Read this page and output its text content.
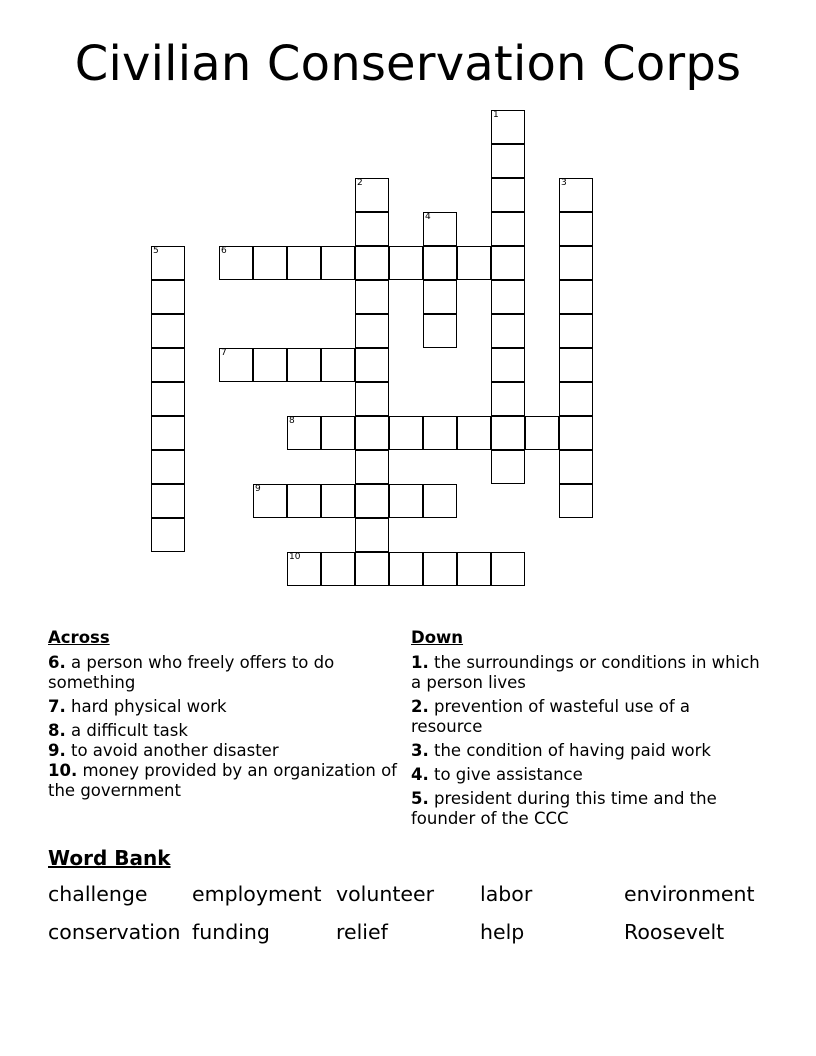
Civilian Conservation Corps
1
2	3
4
5	6
7
8
9
10
Across
6. a person who freely offers to do something
7. hard physical work
8. a difficult task
9. to avoid another disaster
10. money provided by an organization of the government
Down
1. the surroundings or conditions in which a person lives
2. prevention of wasteful use of a resource
3. the condition of having paid work
4. to give assistance
5. president during this time and the founder of the CCC
Word Bank
challenge	employment volunteer	labor	environment
conservation funding	relief	help	Roosevelt
